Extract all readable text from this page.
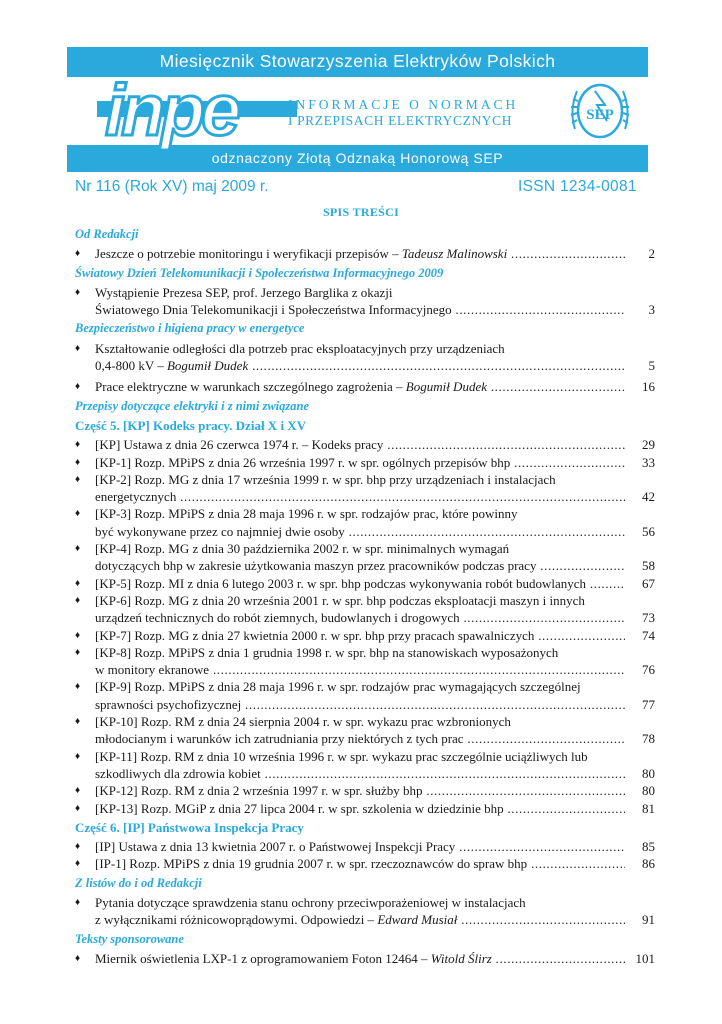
Miesięcznik Stowarzyszenia Elektryków Polskich
inpe	INFORMACJE O NORMACH
I PRZEPISACH ELEKTRYCZNYCH	SEP
odznaczony Złotą Odznaką Honorową SEP
Nr 116 (Rok XV) maj 2009 r.	ISSN 1234-0081
SPIS TREŚCI
Od Redakcji
♦ Jeszcze o potrzebie monitoringu i weryfikacji przepisów – Tadeusz Malinowski .....	2
Światowy Dzień Telekomunikacji i Społeczeństwa Informacyjnego 2009
♦ Wystąpienie Prezesa SEP, prof. Jerzego Barglika z okazji
Światowego Dnia Telekomunikacji i Społeczeństwa Informacyjnego .....	3
Bezpieczeństwo i higiena pracy w energetyce
♦ Kształtowanie odległości dla potrzeb prac eksploatacyjnych przy urządzeniach
0,4-800 kV – Bogumił Dudek .....	5
♦ Prace elektryczne w warunkach szczególnego zagrożenia – Bogumił Dudek .....	16
Przepisy dotyczące elektryki i z nimi związane
Część 5. [KP] Kodeks pracy. Dział X i XV
♦ [KP] Ustawa z dnia 26 czerwca 1974 r. – Kodeks pracy .....	29
♦ [KP-1] Rozp. MPiPS z dnia 26 września 1997 r. w spr. ogólnych przepisów bhp .....	33
♦ [KP-2] Rozp. MG z dnia 17 września 1999 r. w spr. bhp przy urządzeniach i instalacjach
energetycznych .....	42
♦ [KP-3] Rozp. MPiPS z dnia 28 maja 1996 r. w spr. rodzajów prac, które powinny
być wykonywane przez co najmniej dwie osoby .....	56
♦ [KP-4] Rozp. MG z dnia 30 października 2002 r. w spr. minimalnych wymagań
dotyczących bhp w zakresie użytkowania maszyn przez pracowników podczas pracy .....	58
♦ [KP-5] Rozp. MI z dnia 6 lutego 2003 r. w spr. bhp podczas wykonywania robót budowlanych .....	67
♦ [KP-6] Rozp. MG z dnia 20 września 2001 r. w spr. bhp podczas eksploatacji maszyn i innych
urządzeń technicznych do robót ziemnych, budowlanych i drogowych .....	73
♦ [KP-7] Rozp. MG z dnia 27 kwietnia 2000 r. w spr. bhp przy pracach spawalniczych .....	74
♦ [KP-8] Rozp. MPiPS z dnia 1 grudnia 1998 r. w spr. bhp na stanowiskach wyposażonych
w monitory ekranowe .....	76
♦ [KP-9] Rozp. MPiPS z dnia 28 maja 1996 r. w spr. rodzajów prac wymagających szczególnej
sprawności psychofizycznej .....	77
♦ [KP-10] Rozp. RM z dnia 24 sierpnia 2004 r. w spr. wykazu prac wzbronionych
młodocianym i warunków ich zatrudniania przy niektórych z tych prac .....	78
♦ [KP-11] Rozp. RM z dnia 10 września 1996 r. w spr. wykazu prac szczególnie uciążliwych lub
szkodliwych dla zdrowia kobiet .....	80
♦ [KP-12] Rozp. RM z dnia 2 września 1997 r. w spr. służby bhp .....	80
♦ [KP-13] Rozp. MGiP z dnia 27 lipca 2004 r. w spr. szkolenia w dziedzinie bhp .....	81
Część 6. [IP] Państwowa Inspekcja Pracy
♦ [IP] Ustawa z dnia 13 kwietnia 2007 r. o Państwowej Inspekcji Pracy .....	85
♦ [IP-1] Rozp. MPiPS z dnia 19 grudnia 2007 r. w spr. rzeczoznawców do spraw bhp .....	86
Z listów do i od Redakcji
♦ Pytania dotyczące sprawdzenia stanu ochrony przeciwporażeniowej w instalacjach
z wyłącznikami różnicowoprądowymi. Odpowiedzi – Edward Musiał .....	91
Teksty sponsorowane
♦ Miernik oświetlenia LXP-1 z oprogramowaniem Foton 12464 – Witold Ślirz .....	101
